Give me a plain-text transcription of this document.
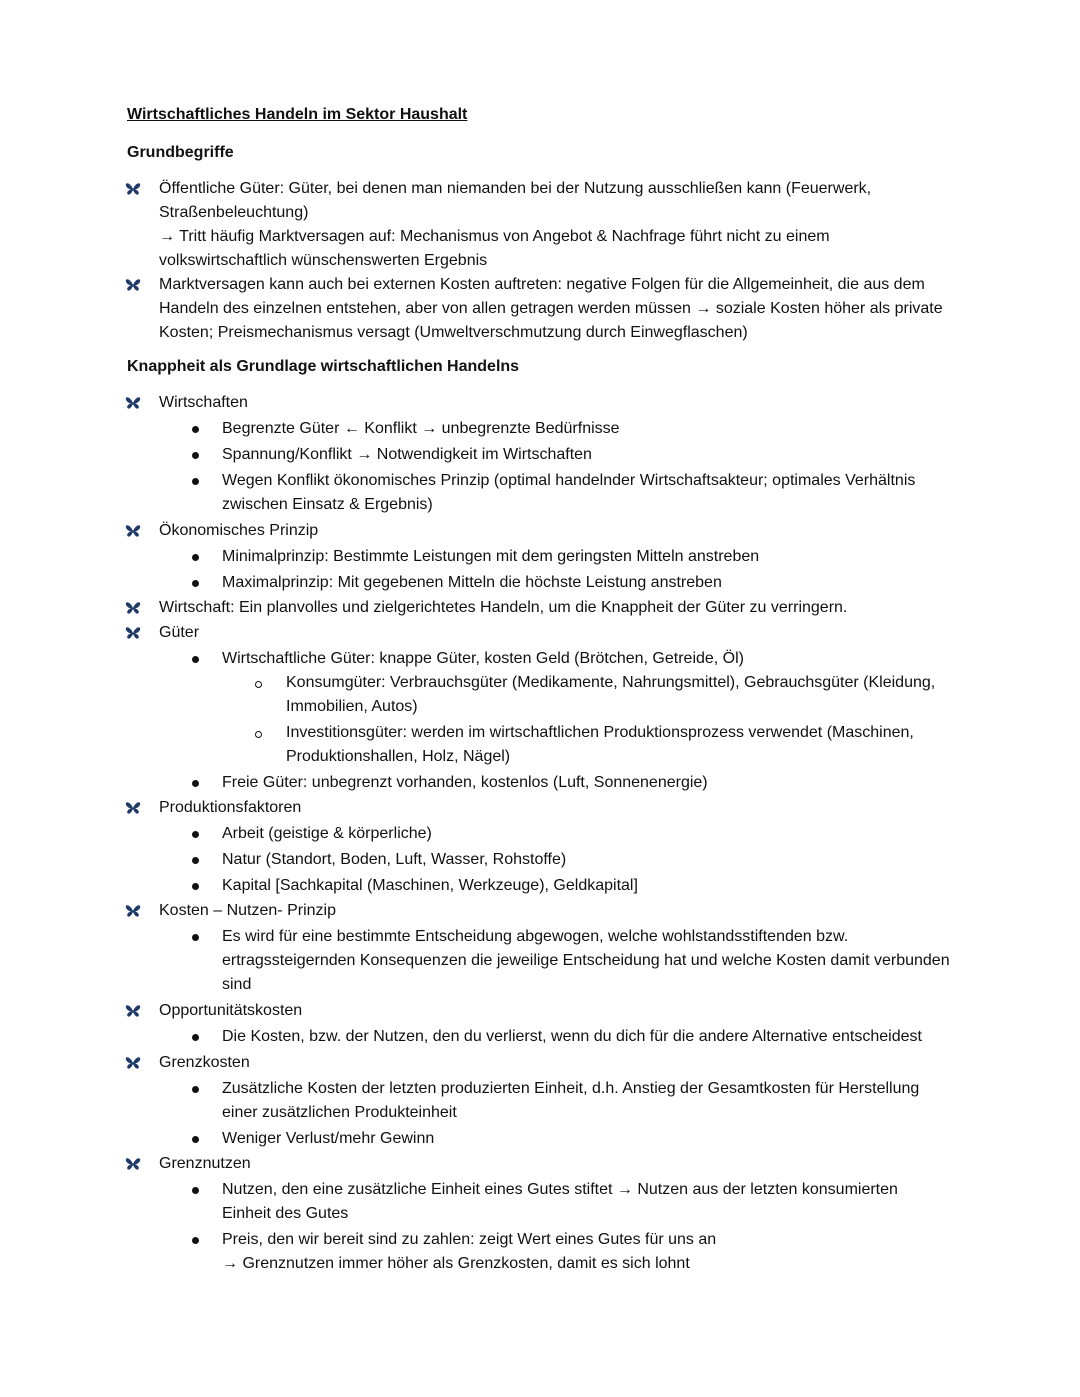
Wirtschaftliches Handeln im Sektor Haushalt
Grundbegriffe
Öffentliche Güter: Güter, bei denen man niemanden bei der Nutzung ausschließen kann (Feuerwerk, Straßenbeleuchtung)
→ Tritt häufig Marktversagen auf: Mechanismus von Angebot & Nachfrage führt nicht zu einem volkswirtschaftlich wünschenswerten Ergebnis
Marktversagen kann auch bei externen Kosten auftreten: negative Folgen für die Allgemeinheit, die aus dem Handeln des einzelnen entstehen, aber von allen getragen werden müssen → soziale Kosten höher als private Kosten; Preismechanismus versagt (Umweltverschmutzung durch Einwegflaschen)
Knappheit als Grundlage wirtschaftlichen Handelns
Wirtschaften
Begrenzte Güter ← Konflikt → unbegrenzte Bedürfnisse
Spannung/Konflikt → Notwendigkeit im Wirtschaften
Wegen Konflikt ökonomisches Prinzip (optimal handelnder Wirtschaftsakteur; optimales Verhältnis zwischen Einsatz & Ergebnis)
Ökonomisches Prinzip
Minimalprinzip: Bestimmte Leistungen mit dem geringsten Mitteln anstreben
Maximalprinzip: Mit gegebenen Mitteln die höchste Leistung anstreben
Wirtschaft: Ein planvolles und zielgerichtetes Handeln, um die Knappheit der Güter zu verringern.
Güter
Wirtschaftliche Güter: knappe Güter, kosten Geld (Brötchen, Getreide, Öl)
Konsumgüter: Verbrauchsgüter (Medikamente, Nahrungsmittel), Gebrauchsgüter (Kleidung, Immobilien, Autos)
Investitionsgüter: werden im wirtschaftlichen Produktionsprozess verwendet (Maschinen, Produktionshallen, Holz, Nägel)
Freie Güter: unbegrenzt vorhanden, kostenlos (Luft, Sonnenenergie)
Produktionsfaktoren
Arbeit (geistige & körperliche)
Natur (Standort, Boden, Luft, Wasser, Rohstoffe)
Kapital [Sachkapital (Maschinen, Werkzeuge), Geldkapital]
Kosten – Nutzen- Prinzip
Es wird für eine bestimmte Entscheidung abgewogen, welche wohlstandsstiftenden bzw. ertragssteigernden Konsequenzen die jeweilige Entscheidung hat und welche Kosten damit verbunden sind
Opportunitätskosten
Die Kosten, bzw. der Nutzen, den du verlierst, wenn du dich für die andere Alternative entscheidest
Grenzkosten
Zusätzliche Kosten der letzten produzierten Einheit, d.h. Anstieg der Gesamtkosten für Herstellung einer zusätzlichen Produkteinheit
Weniger Verlust/mehr Gewinn
Grenznutzen
Nutzen, den eine zusätzliche Einheit eines Gutes stiftet → Nutzen aus der letzten konsumierten Einheit des Gutes
Preis, den wir bereit sind zu zahlen: zeigt Wert eines Gutes für uns an
→ Grenznutzen immer höher als Grenzkosten, damit es sich lohnt
